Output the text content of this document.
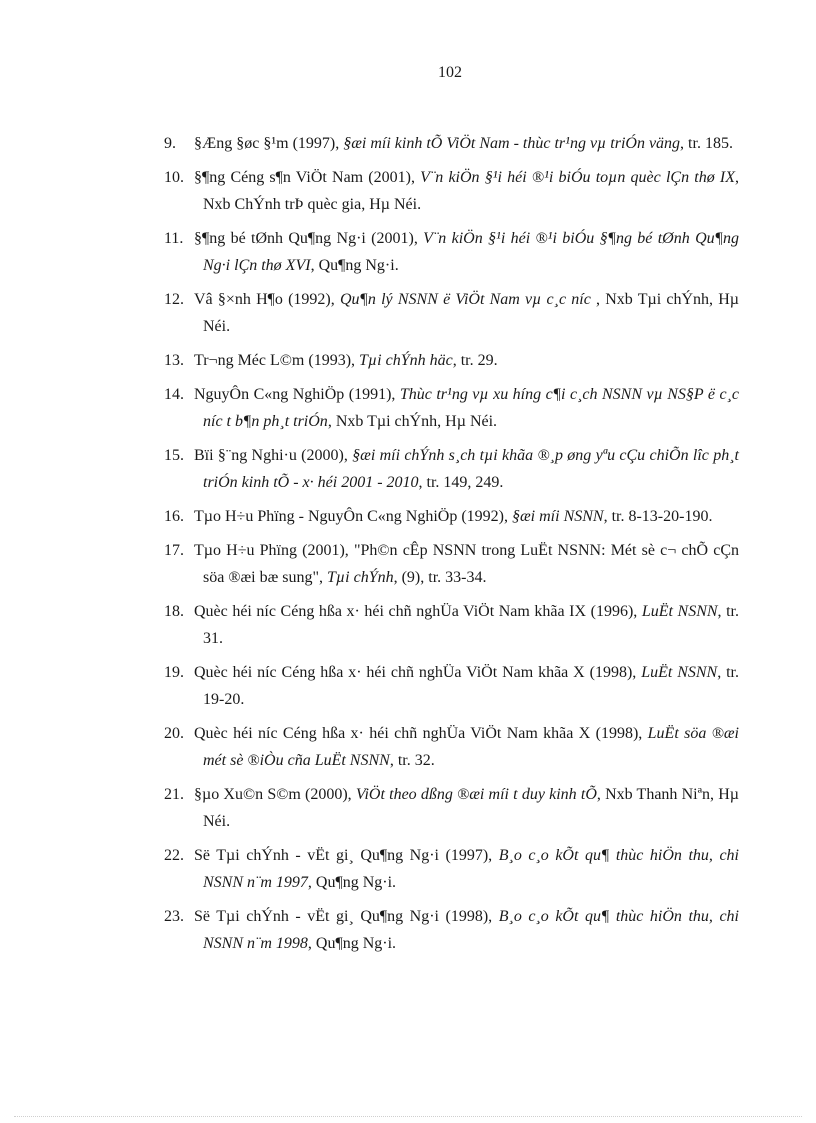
102
9. §Æng §øc §¹m (1997), §æi míi kinh tÕ ViÖt Nam - thùc tr¹ng vµ triÓn väng, tr. 185.
10. §¶ng Céng s¶n ViÖt Nam (2001), V¨n kiÖn §¹i héi ®¹i biÓu toµn quèc lÇn thø IX, Nxb ChÝnh trÞ quèc gia, Hµ Néi.
11. §¶ng bé tØnh Qu¶ng Ng·i (2001), V¨n kiÖn §¹i héi ®¹i biÓu §¶ng bé tØnh Qu¶ng Ng·i lÇn thø XVI, Qu¶ng Ng·i.
12. Vâ §×nh H¶o (1992), Qu¶n lý NSNN ë ViÖt Nam vµ c¸c níc , Nxb Tµi chÝnh, Hµ Néi.
13. Tr¬ng Méc L©m (1993), Tµi chÝnh häc, tr. 29.
14. NguyÔn C«ng NghiÖp (1991), Thùc tr¹ng vµ xu híng c¶i c¸ch NSNN vµ NS§P ë c¸c níc t b¶n ph¸t triÓn, Nxb Tµi chÝnh, Hµ Néi.
15. Bïi §¨ng Nghi·u (2000), §æi míi chÝnh s¸ch tµi khãa ®¸p øng yªu cÇu chiÕn lîc ph¸t triÓn kinh tÕ - x· héi 2001 - 2010, tr. 149, 249.
16. Tµo H÷u Phïng - NguyÔn C«ng NghiÖp (1992), §æi míi NSNN, tr. 8-13-20-190.
17. Tµo H÷u Phïng (2001), "Ph©n cÊp NSNN trong LuËt NSNN: Mét sè c¬ chÕ cÇn söa ®æi bæ sung", Tµi chÝnh, (9), tr. 33-34.
18. Quèc héi níc Céng hßa x· héi chñ nghÜa ViÖt Nam khãa IX (1996), LuËt NSNN, tr. 31.
19. Quèc héi níc Céng hßa x· héi chñ nghÜa ViÖt Nam khãa X (1998), LuËt NSNN, tr. 19-20.
20. Quèc héi níc Céng hßa x· héi chñ nghÜa ViÖt Nam khãa X (1998), LuËt söa ®æi mét sè ®iÒu cña LuËt NSNN, tr. 32.
21. §µo Xu©n S©m (2000), ViÖt theo dßng ®æi míi t duy kinh tÕ, Nxb Thanh Niªn, Hµ Néi.
22. Së Tµi chÝnh - vËt gi¸ Qu¶ng Ng·i (1997), B¸o c¸o kÕt qu¶ thùc hiÖn thu, chi NSNN n¨m 1997, Qu¶ng Ng·i.
23. Së Tµi chÝnh - vËt gi¸ Qu¶ng Ng·i (1998), B¸o c¸o kÕt qu¶ thùc hiÖn thu, chi NSNN n¨m 1998, Qu¶ng Ng·i.
